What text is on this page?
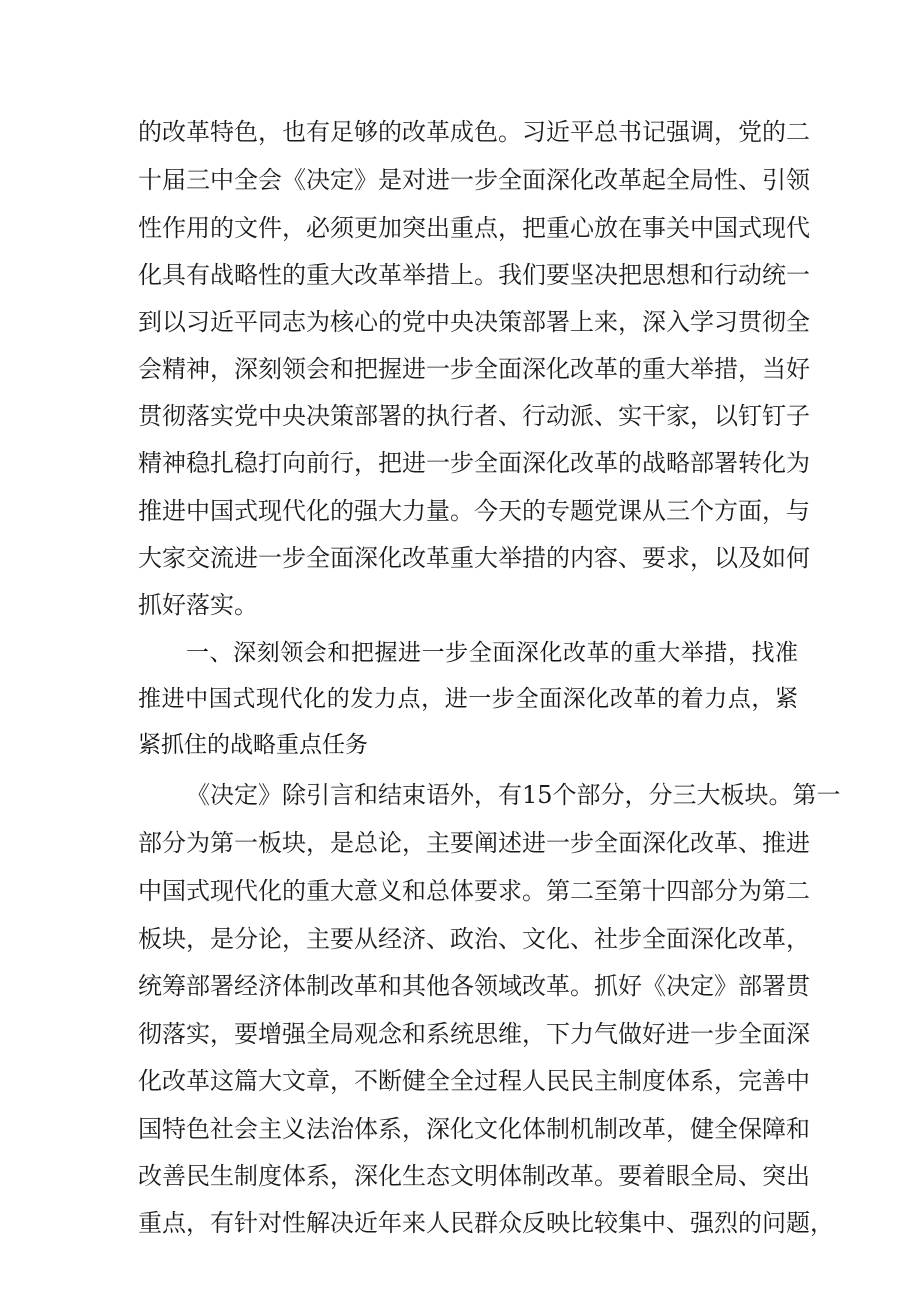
的改革特色，也有足够的改革成色。习近平总书记强调，党的二
十届三中全会《决定》是对进一步全面深化改革起全局性、引领
性作用的文件，必须更加突出重点，把重心放在事关中国式现代
化具有战略性的重大改革举措上。我们要坚决把思想和行动统一
到以习近平同志为核心的党中央决策部署上来，深入学习贯彻全
会精神，深刻领会和把握进一步全面深化改革的重大举措，当好
贯彻落实党中央决策部署的执行者、行动派、实干家，以钉钉子
精神稳扎稳打向前行，把进一步全面深化改革的战略部署转化为
推进中国式现代化的强大力量。今天的专题党课从三个方面，与
大家交流进一步全面深化改革重大举措的内容、要求，以及如何
抓好落实。
一、深刻领会和把握进一步全面深化改革的重大举措，找准
推进中国式现代化的发力点，进一步全面深化改革的着力点，紧
紧抓住的战略重点任务
《决定》除引言和结束语外，有15个部分，分三大板块。第一
部分为第一板块，是总论，主要阐述进一步全面深化改革、推进
中国式现代化的重大意义和总体要求。第二至第十四部分为第二
板块，是分论，主要从经济、政治、文化、社步全面深化改革，
统筹部署经济体制改革和其他各领域改革。抓好《决定》部署贯
彻落实，要增强全局观念和系统思维，下力气做好进一步全面深
化改革这篇大文章，不断健全全过程人民民主制度体系，完善中
国特色社会主义法治体系，深化文化体制机制改革，健全保障和
改善民生制度体系，深化生态文明体制改革。要着眼全局、突出
重点，有针对性解决近年来人民群众反映比较集中、强烈的问题，
